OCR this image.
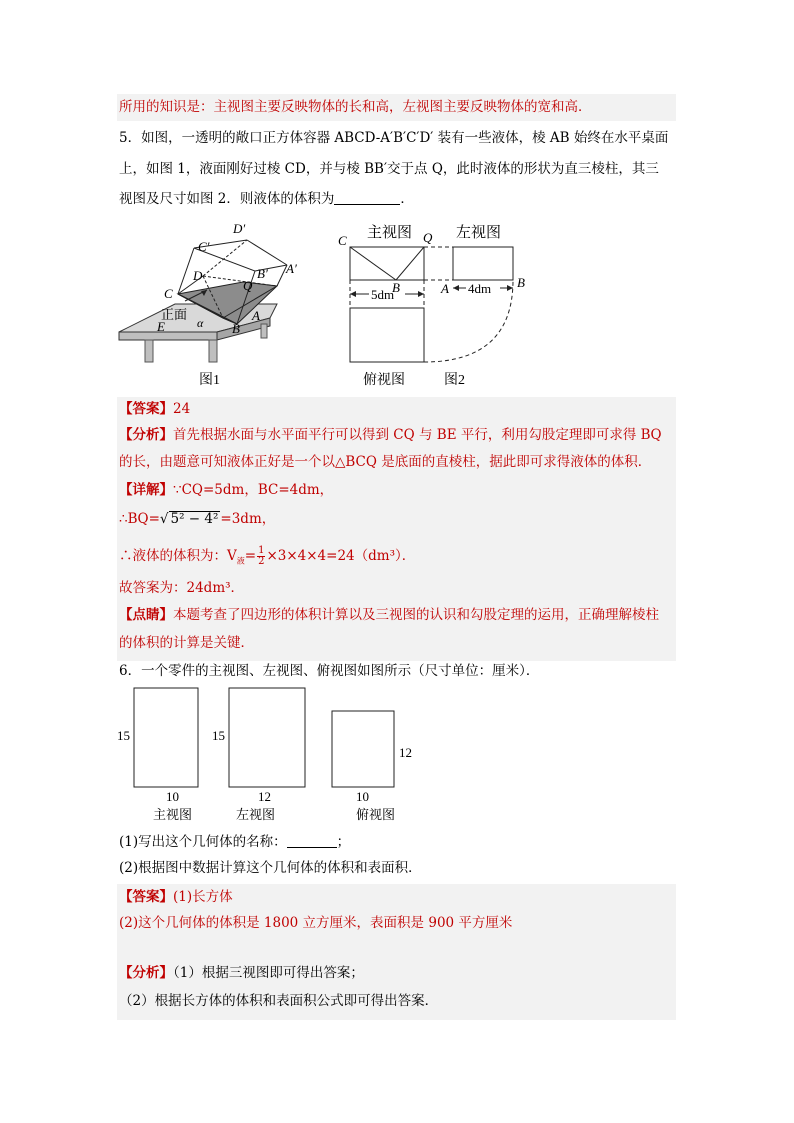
所用的知识是：主视图主要反映物体的长和高，左视图主要反映物体的宽和高．
5．如图，一透明的敞口正方体容器 ABCD-A′B′C′D′ 装有一些液体，棱 AB 始终在水平桌面
上，如图 1，液面刚好过棱 CD，并与棱 BB′交于点 Q，此时液体的形状为直三棱柱，其三
视图及尺寸如图 2．则液体的体积为	．
D′
C′
B′ A′
D
Q
C
正面
α	A
E	B
图1
主视图	左视图
5dm	4dm
C	Q
B	A	B
俯视图	图2
【答案】24
【分析】首先根据水面与水平面平行可以得到 CQ 与 BE 平行，利用勾股定理即可求得 BQ
的长，由题意可知液体正好是一个以△BCQ 是底面的直棱柱，据此即可求得液体的体积．
【详解】∵CQ=5dm，BC=4dm，
∴BQ=√ 5² − 4² =3dm，
∴液体的体积为：$V_液= \frac{1}{2} \times 3\times 4\times 4=24(dm^3)$．
故答案为：24dm³．
【点睛】本题考查了四边形的体积计算以及三视图的认识和勾股定理的运用，正确理解棱柱
的体积的计算是关键．
6．一个零件的主视图、左视图、俯视图如图所示（尺寸单位：厘米）．
15
10
主视图
15
12
左视图
12
10
俯视图
(1)写出这个几何体的名称：	；
(2)根据图中数据计算这个几何体的体积和表面积．
【答案】(1)长方体
(2)这个几何体的体积是 1800 立方厘米，表面积是 900 平方厘米
【分析】（1）根据三视图即可得出答案；
（2）根据长方体的体积和表面积公式即可得出答案．
